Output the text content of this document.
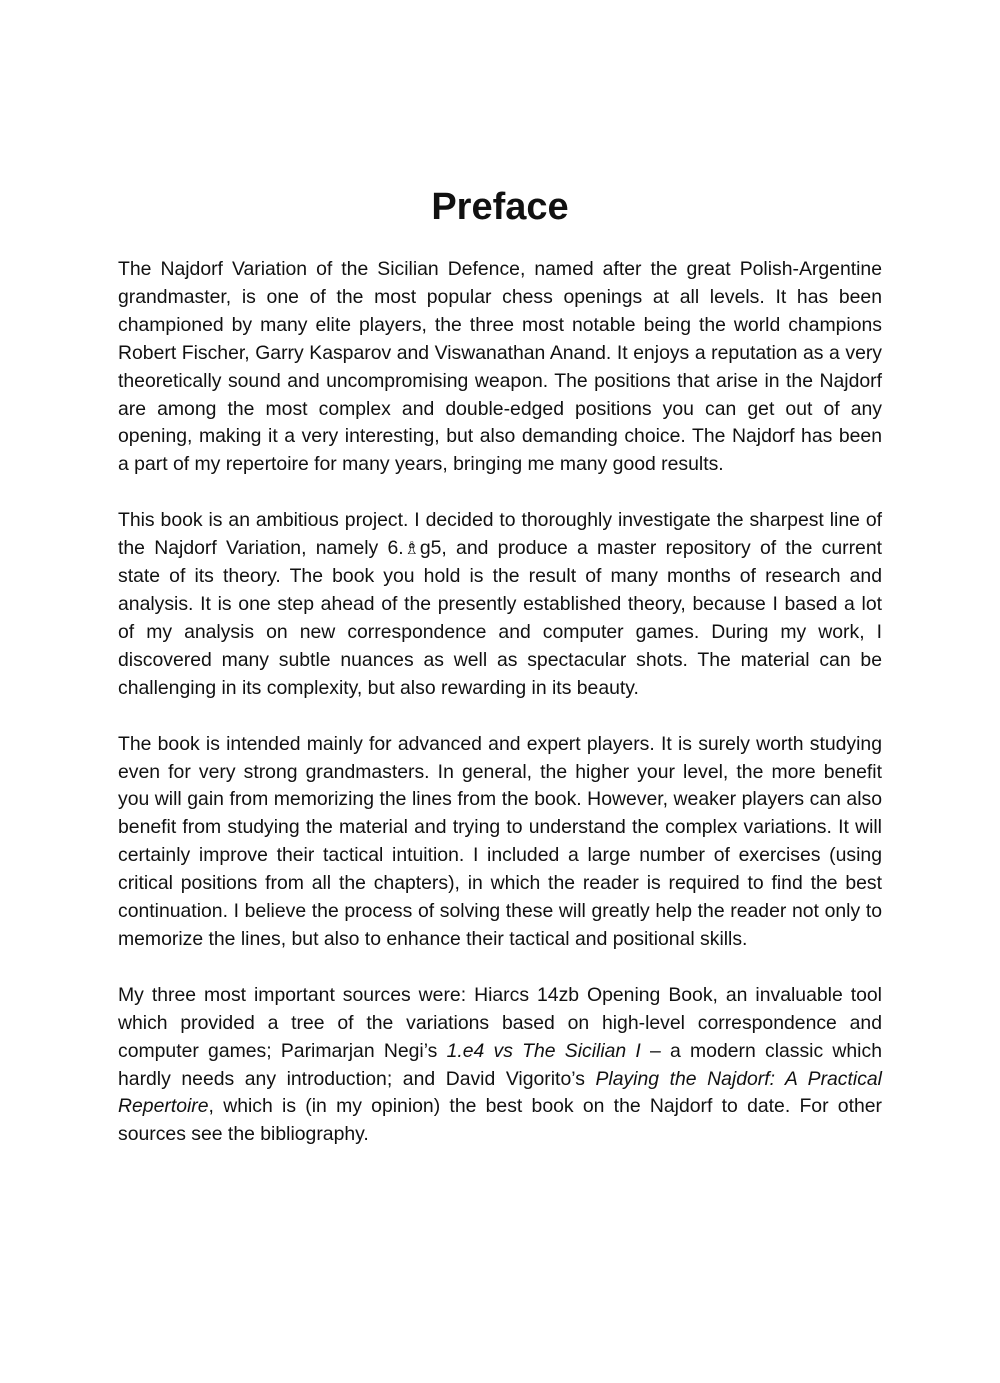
Preface

The Najdorf Variation of the Sicilian Defence, named after the great Polish-Argentine grandmaster, is one of the most popular chess openings at all levels. It has been championed by many elite players, the three most notable being the world champions Robert Fischer, Garry Kasparov and Viswanathan Anand. It enjoys a reputation as a very theoretically sound and uncompromising weapon. The positions that arise in the Najdorf are among the most complex and double-edged positions you can get out of any opening, making it a very interesting, but also demanding choice. The Najdorf has been a part of my repertoire for many years, bringing me many good results.

This book is an ambitious project. I decided to thoroughly investigate the sharpest line of the Najdorf Variation, namely 6.♗g5, and produce a master repository of the current state of its theory. The book you hold is the result of many months of research and analysis. It is one step ahead of the presently established theory, because I based a lot of my analysis on new correspondence and computer games. During my work, I discovered many subtle nuances as well as spectacular shots. The material can be challenging in its complexity, but also rewarding in its beauty.

The book is intended mainly for advanced and expert players. It is surely worth studying even for very strong grandmasters. In general, the higher your level, the more benefit you will gain from memorizing the lines from the book. However, weaker players can also benefit from studying the material and trying to understand the complex variations. It will certainly improve their tactical intuition. I included a large number of exercises (using critical positions from all the chapters), in which the reader is required to find the best continuation. I believe the process of solving these will greatly help the reader not only to memorize the lines, but also to enhance their tactical and positional skills.

My three most important sources were: Hiarcs 14zb Opening Book, an invaluable tool which provided a tree of the variations based on high-level correspondence and computer games; Parimarjan Negi’s 1.e4 vs The Sicilian I – a modern classic which hardly needs any introduction; and David Vigorito’s Playing the Najdorf: A Practical Repertoire, which is (in my opinion) the best book on the Najdorf to date. For other sources see the bibliography.
